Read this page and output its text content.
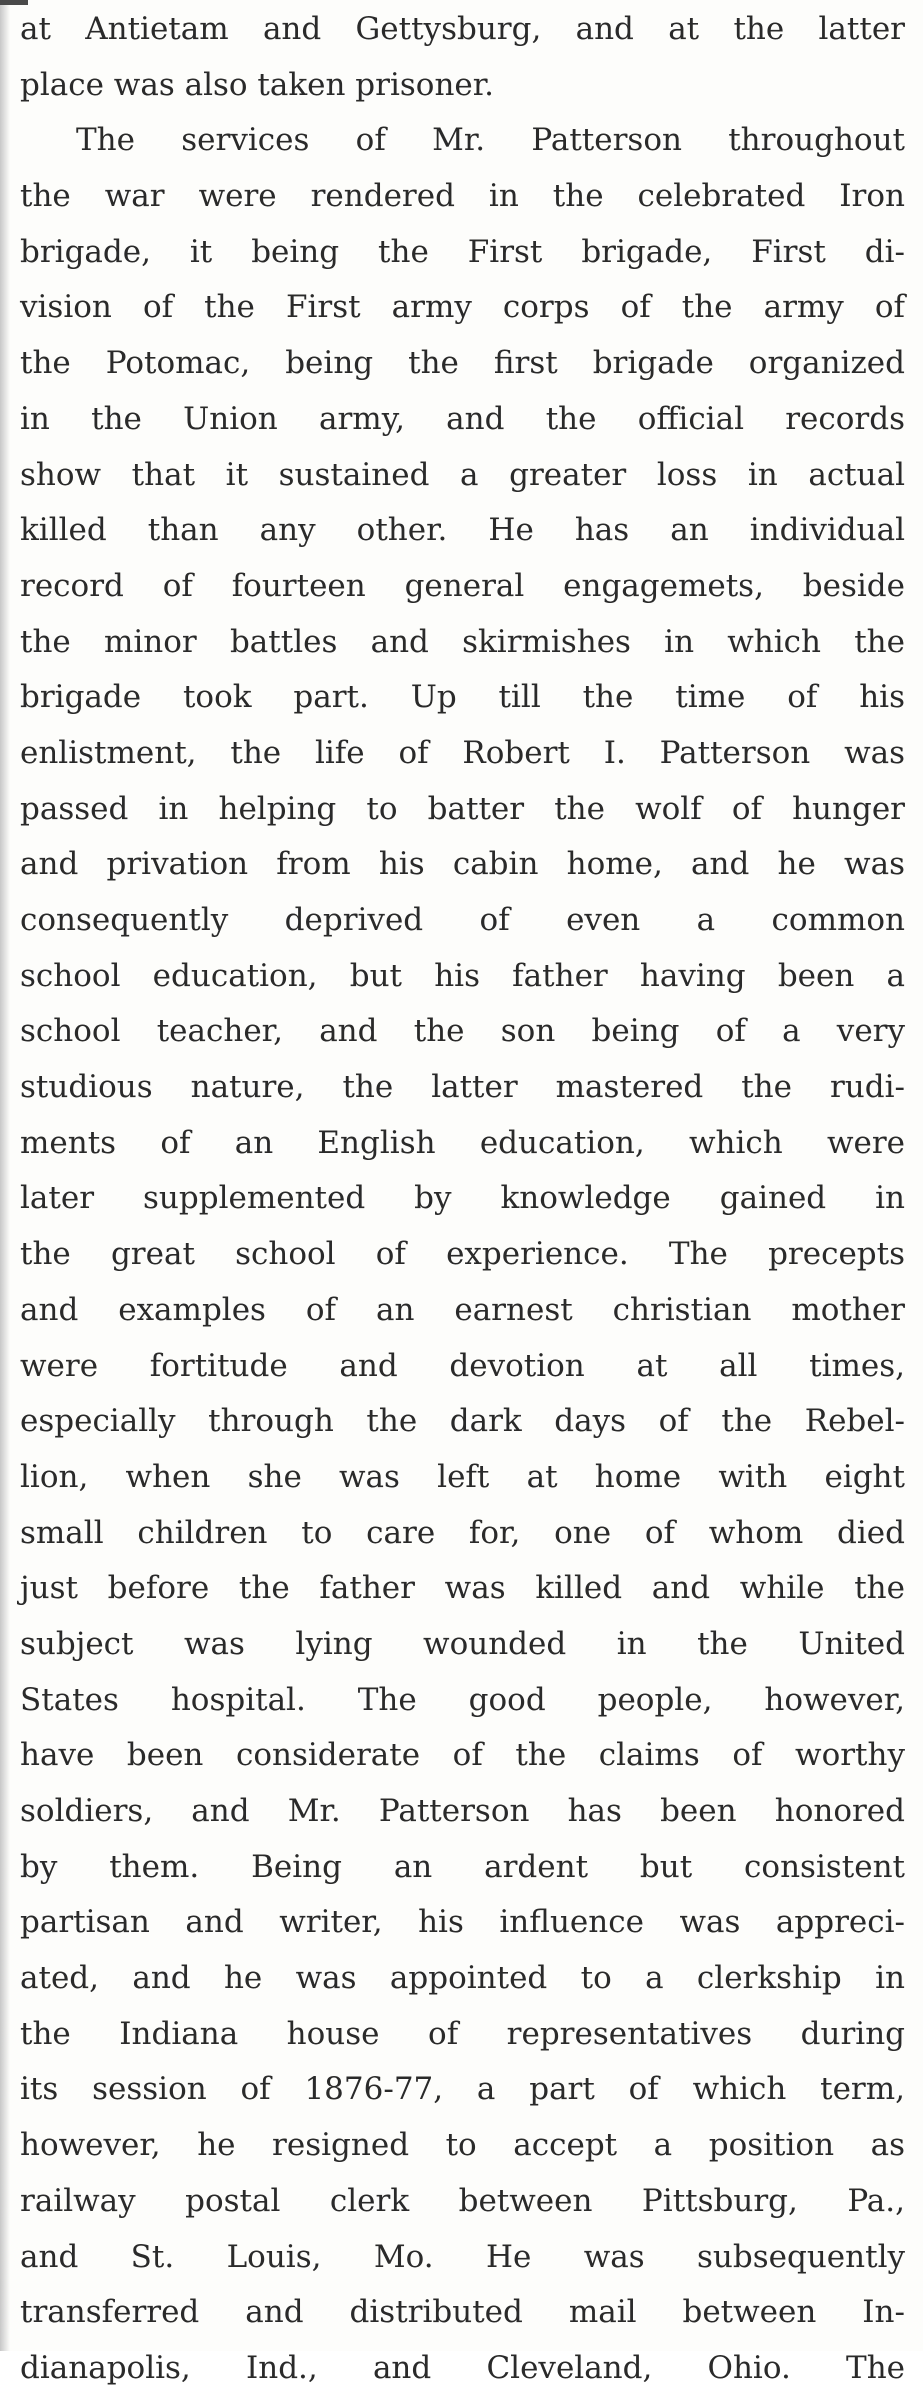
at Antietam and Gettysburg, and at the latter
place was also taken prisoner.
The services of Mr. Patterson throughout
the war were rendered in the celebrated Iron
brigade, it being the First brigade, First di-
vision of the First army corps of the army of
the Potomac, being the first brigade organized
in the Union army, and the official records
show that it sustained a greater loss in actual
killed than any other. He has an individual
record of fourteen general engagemets, beside
the minor battles and skirmishes in which the
brigade took part. Up till the time of his
enlistment, the life of Robert I. Patterson was
passed in helping to batter the wolf of hunger
and privation from his cabin home, and he was
consequently deprived of even a common
school education, but his father having been a
school teacher, and the son being of a very
studious nature, the latter mastered the rudi-
ments of an English education, which were
later supplemented by knowledge gained in
the great school of experience. The precepts
and examples of an earnest christian mother
were fortitude and devotion at all times,
especially through the dark days of the Rebel-
lion, when she was left at home with eight
small children to care for, one of whom died
just before the father was killed and while the
subject was lying wounded in the United
States hospital. The good people, however,
have been considerate of the claims of worthy
soldiers, and Mr. Patterson has been honored
by them. Being an ardent but consistent
partisan and writer, his influence was appreci-
ated, and he was appointed to a clerkship in
the Indiana house of representatives during
its session of 1876-77, a part of which term,
however, he resigned to accept a position as
railway postal clerk between Pittsburg, Pa.,
and St. Louis, Mo. He was subsequently
transferred and distributed mail between In-
dianapolis, Ind., and Cleveland, Ohio. The
